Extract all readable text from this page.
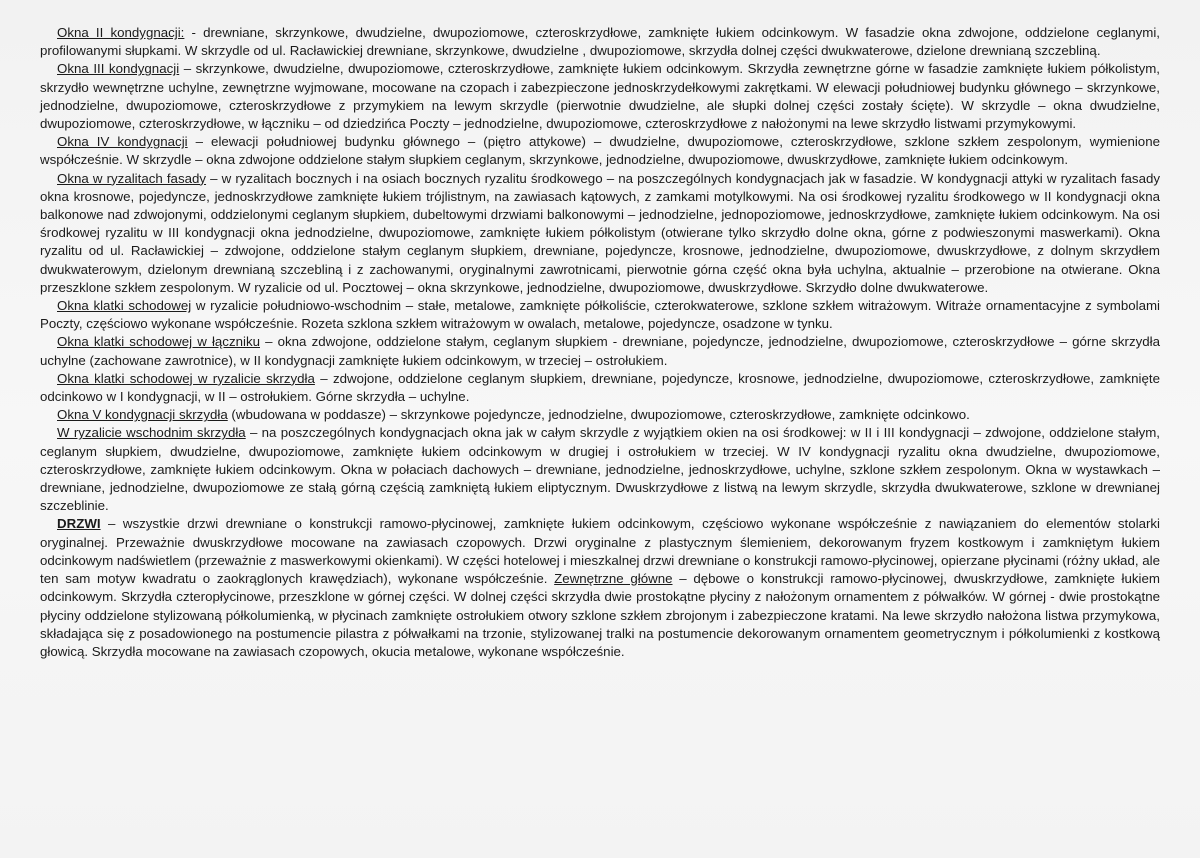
Okna II kondygnacji: - drewniane, skrzynkowe, dwudzielne, dwupoziomowe, czteroskrzydłowe, zamknięte łukiem odcinkowym. W fasadzie okna zdwojone, oddzielone ceglanymi, profilowanymi słupkami. W skrzydle od ul. Racławickiej drewniane, skrzynkowe, dwudzielne , dwupoziomowe, skrzydła dolnej części dwukwaterowe, dzielone drewnianą szczebliną.

Okna III kondygnacji – skrzynkowe, dwudzielne, dwupoziomowe, czteroskrzydłowe, zamknięte łukiem odcinkowym. Skrzydła zewnętrzne górne w fasadzie zamknięte łukiem półkolistym, skrzydło wewnętrzne uchylne, zewnętrzne wyjmowane, mocowane na czopach i zabezpieczone jednoskrzydełkowymi zakrętkami. W elewacji południowej budynku głównego – skrzynkowe, jednodzielne, dwupoziomowe, czteroskrzydłowe z przymykiem na lewym skrzydle (pierwotnie dwudzielne, ale słupki dolnej części zostały ścięte). W skrzydle – okna dwudzielne, dwupoziomowe, czteroskrzydłowe, w łączniku – od dziedzińca Poczty – jednodzielne, dwupoziomowe, czteroskrzydłowe z nałożonymi na lewe skrzydło listwami przymykowymi.

Okna IV kondygnacji – elewacji południowej budynku głównego – (piętro attykowe) – dwudzielne, dwupoziomowe, czteroskrzydłowe, szklone szkłem zespolonym, wymienione współcześnie. W skrzydle – okna zdwojone oddzielone stałym słupkiem ceglanym, skrzynkowe, jednodzielne, dwupoziomowe, dwuskrzydłowe, zamknięte łukiem odcinkowym.

Okna w ryzalitach fasady – w ryzalitach bocznych i na osiach bocznych ryzalitu środkowego – na poszczególnych kondygnacjach jak w fasadzie. W kondygnacji attyki w ryzalitach fasady okna krosnowe, pojedyncze, jednoskrzydłowe zamknięte łukiem trójlistnym, na zawiasach kątowych, z zamkami motylkowymi. Na osi środkowej ryzalitu środkowego w II kondygnacji okna balkonowe nad zdwojonymi, oddzielonymi ceglanym słupkiem, dubeltowymi drzwiami balkonowymi – jednodzielne, jednopoziomowe, jednoskrzydłowe, zamknięte łukiem odcinkowym. Na osi środkowej ryzalitu w III kondygnacji okna jednodzielne, dwupoziomowe, zamknięte łukiem półkolistym (otwierane tylko skrzydło dolne okna, górne z podwieszonymi maswerkami). Okna ryzalitu od ul. Racławickiej – zdwojone, oddzielone stałym ceglanym słupkiem, drewniane, pojedyncze, krosnowe, jednodzielne, dwupoziomowe, dwuskrzydłowe, z dolnym skrzydłem dwukwaterowym, dzielonym drewnianą szczebliną i z zachowanymi, oryginalnymi zawrotnicami, pierwotnie górna część okna była uchylna, aktualnie – przerobione na otwierane. Okna przeszklone szkłem zespolonym. W ryzalicie od ul. Pocztowej – okna skrzynkowe, jednodzielne, dwupoziomowe, dwuskrzydłowe. Skrzydło dolne dwukwaterowe.

Okna klatki schodowej w ryzalicie południowo-wschodnim – stałe, metalowe, zamknięte półkoliście, czterokwaterowe, szklone szkłem witrażowym. Witraże ornamentacyjne z symbolami Poczty, częściowo wykonane współcześnie. Rozeta szklona szkłem witrażowym w owalach, metalowe, pojedyncze, osadzone w tynku.

Okna klatki schodowej w łączniku – okna zdwojone, oddzielone stałym, ceglanym słupkiem - drewniane, pojedyncze, jednodzielne, dwupoziomowe, czteroskrzydłowe – górne skrzydła uchylne (zachowane zawrotnice), w II kondygnacji zamknięte łukiem odcinkowym, w trzeciej – ostrołukiem.

Okna klatki schodowej w ryzalicie skrzydła – zdwojone, oddzielone ceglanym słupkiem, drewniane, pojedyncze, krosnowe, jednodzielne, dwupoziomowe, czteroskrzydłowe, zamknięte odcinkowo w I kondygnacji, w II – ostrołukiem. Górne skrzydła – uchylne.

Okna V kondygnacji skrzydła (wbudowana w poddasze) – skrzynkowe pojedyncze, jednodzielne, dwupoziomowe, czteroskrzydłowe, zamknięte odcinkowo.

W ryzalicie wschodnim skrzydła – na poszczególnych kondygnacjach okna jak w całym skrzydle z wyjątkiem okien na osi środkowej: w II i III kondygnacji – zdwojone, oddzielone stałym, ceglanym słupkiem, dwudzielne, dwupoziomowe, zamknięte łukiem odcinkowym w drugiej i ostrołukiem w trzeciej. W IV kondygnacji ryzalitu okna dwudzielne, dwupoziomowe, czteroskrzydłowe, zamknięte łukiem odcinkowym. Okna w połaciach dachowych – drewniane, jednodzielne, jednoskrzydłowe, uchylne, szklone szkłem zespolonym. Okna w wystawkach – drewniane, jednodzielne, dwupoziomowe ze stałą górną częścią zamkniętą łukiem eliptycznym. Dwuskrzydłowe z listwą na lewym skrzydle, skrzydła dwukwaterowe, szklone w drewnianej szczeblinie.

DRZWI – wszystkie drzwi drewniane o konstrukcji ramowo-płycinowej, zamknięte łukiem odcinkowym, częściowo wykonane współcześnie z nawiązaniem do elementów stolarki oryginalnej. Przeważnie dwuskrzydłowe mocowane na zawiasach czopowych. Drzwi oryginalne z plastycznym ślemieniem, dekorowanym fryzem kostkowym i zamkniętym łukiem odcinkowym nadświetlem (przeważnie z maswerkowymi okienkami). W części hotelowej i mieszkalnej drzwi drewniane o konstrukcji ramowo-płycinowej, opierzane płycinami (różny układ, ale ten sam motyw kwadratu o zaokrąglonych krawędziach), wykonane współcześnie. Zewnętrzne główne – dębowe o konstrukcji ramowo-płycinowej, dwuskrzydłowe, zamknięte łukiem odcinkowym. Skrzydła czteropłycinowe, przeszklone w górnej części. W dolnej części skrzydła dwie prostokątne płyciny z nałożonym ornamentem z półwałków. W górnej - dwie prostokątne płyciny oddzielone stylizowaną półkolumienką, w płycinach zamknięte ostrołukiem otwory szklone szkłem zbrojonym i zabezpieczone kratami. Na lewe skrzydło nałożona listwa przymykowa, składająca się z posadowionego na postumencie pilastra z półwałkami na trzonie, stylizowanej tralki na postumencie dekorowanym ornamentem geometrycznym i półkolumienki z kostkową głowicą. Skrzydła mocowane na zawiasach czopowych, okucia metalowe, wykonane współcześnie.
